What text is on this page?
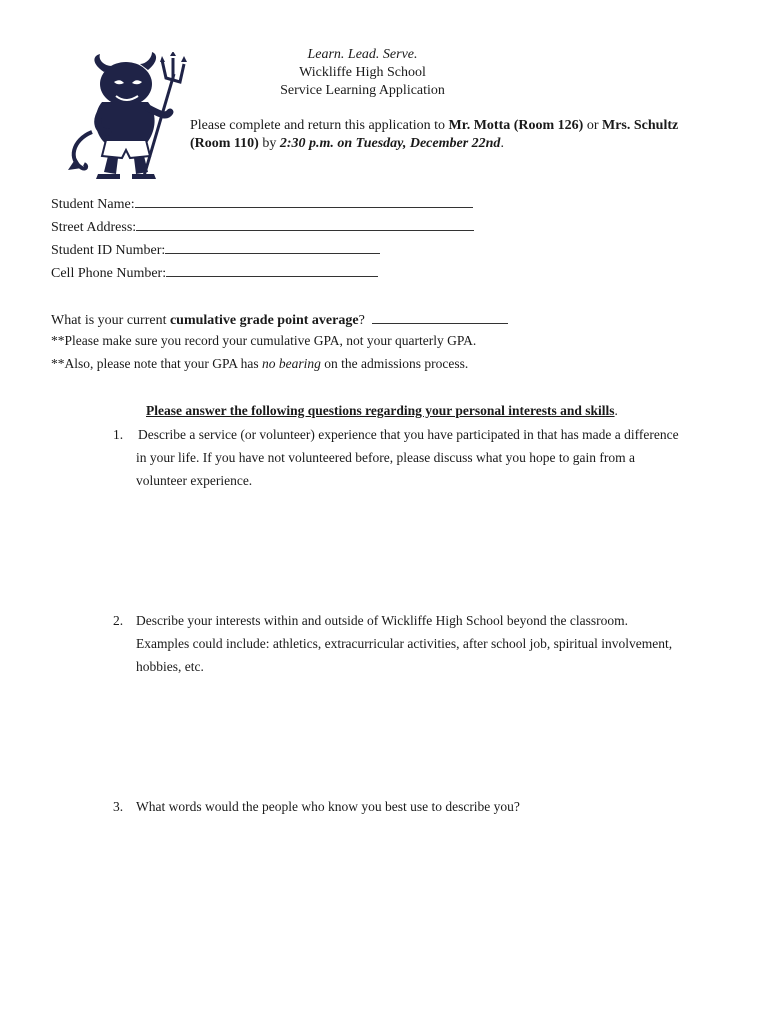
Learn. Lead. Serve.
Wickliffe High School
Service Learning Application
Please complete and return this application to Mr. Motta (Room 126) or Mrs. Schultz
(Room 110) by 2:30 p.m. on Tuesday, December 22nd.
Student Name:
Street Address:
Student ID Number:
Cell Phone Number:
What is your current cumulative grade point average?
**Please make sure you record your cumulative GPA, not your quarterly GPA.
**Also, please note that your GPA has no bearing on the admissions process.
Please answer the following questions regarding your personal interests and skills.
1. Describe a service (or volunteer) experience that you have participated in that has made a difference
in your life. If you have not volunteered before, please discuss what you hope to gain from a
volunteer experience.
2. Describe your interests within and outside of Wickliffe High School beyond the classroom.
Examples could include: athletics, extracurricular activities, after school job, spiritual involvement,
hobbies, etc.
3. What words would the people who know you best use to describe you?
